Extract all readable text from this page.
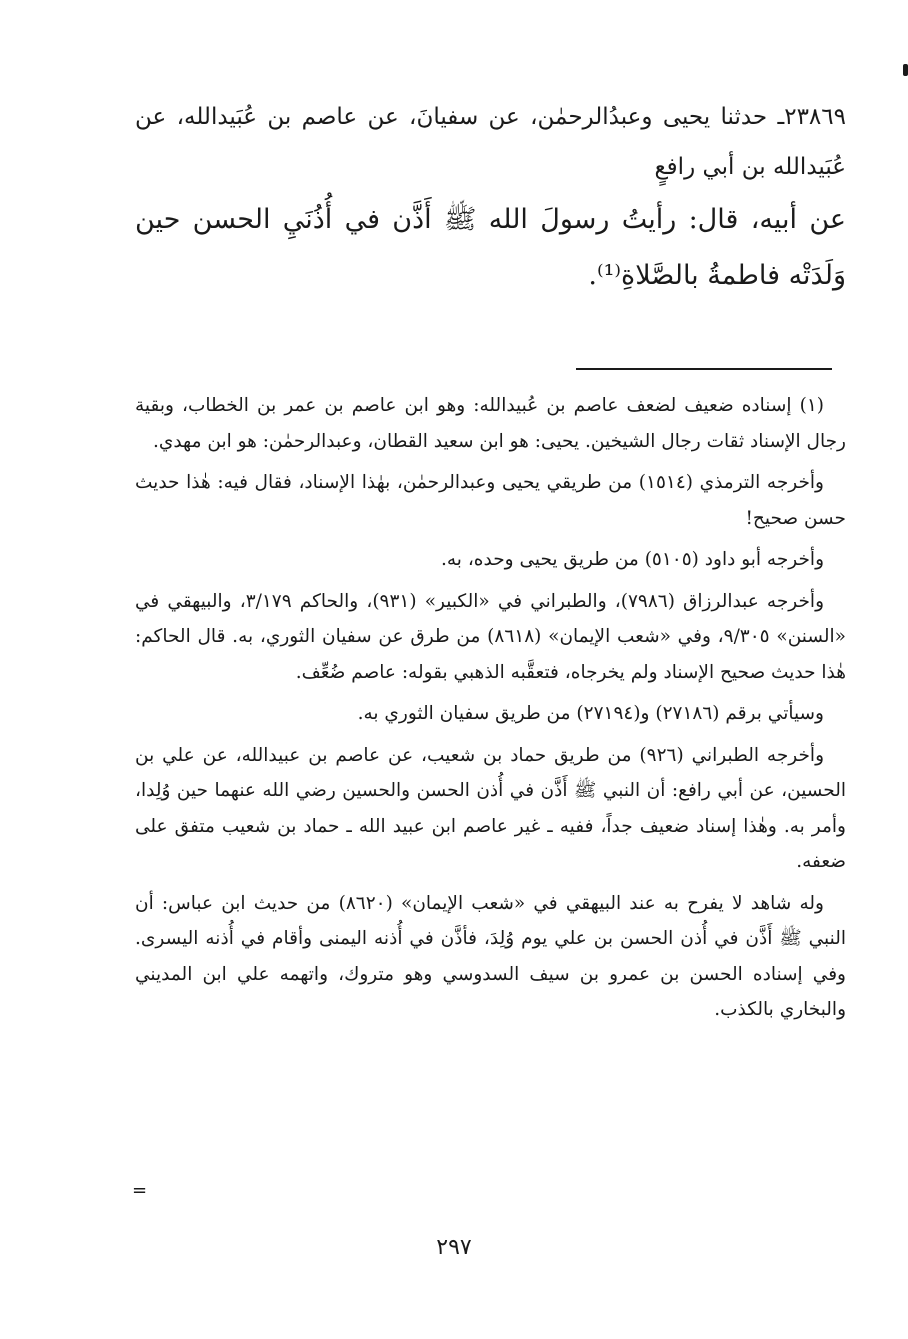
٢٣٨٦٩ـ حدثنا يحيى وعبدُالرحمٰن، عن سفيانَ، عن عاصم بن عُبَيدالله، عن عُبَيدالله بن أبي رافعٍ

عن أبيه، قال: رأيتُ رسولَ الله ﷺ أَذَّن في أُذُنَيِ الحسن حين وَلَدَتْه فاطمةُ بالصَّلاةِ⁽¹⁾.

(١) إسناده ضعيف لضعف عاصم بن عُبيدالله: وهو ابن عاصم بن عمر بن الخطاب، وبقية رجال الإسناد ثقات رجال الشيخين. يحيى: هو ابن سعيد القطان، وعبدالرحمٰن: هو ابن مهدي.

وأخرجه الترمذي (١٥١٤) من طريقي يحيى وعبدالرحمٰن، بهٰذا الإسناد، فقال فيه: هٰذا حديث حسن صحيح!

وأخرجه أبو داود (٥١٠٥) من طريق يحيى وحده، به.

وأخرجه عبدالرزاق (٧٩٨٦)، والطبراني في «الكبير» (٩٣١)، والحاكم ٣/١٧٩، والبيهقي في «السنن» ٩/٣٠٥، وفي «شعب الإيمان» (٨٦١٨) من طرق عن سفيان الثوري، به. قال الحاكم: هٰذا حديث صحيح الإسناد ولم يخرجاه، فتعقَّبه الذهبي بقوله: عاصم ضُعِّف.

وسيأتي برقم (٢٧١٨٦) و(٢٧١٩٤) من طريق سفيان الثوري به.

وأخرجه الطبراني (٩٢٦) من طريق حماد بن شعيب، عن عاصم بن عبيدالله، عن علي بن الحسين، عن أبي رافع: أن النبي ﷺ أَذَّن في أُذن الحسن والحسين رضي الله عنهما حين وُلِدا، وأمر به. وهٰذا إسناد ضعيف جداً، ففيه ـ غير عاصم ابن عبيد الله ـ حماد بن شعيب متفق على ضعفه.

وله شاهد لا يفرح به عند البيهقي في «شعب الإيمان» (٨٦٢٠) من حديث ابن عباس: أن النبي ﷺ أَذَّن في أُذن الحسن بن علي يوم وُلِدَ، فأذَّن في أُذنه اليمنى وأقام في أُذنه اليسرى. وفي إسناده الحسن بن عمرو بن سيف السدوسي وهو متروك، واتهمه علي ابن المديني والبخاري بالكذب.

=
٢٩٧
